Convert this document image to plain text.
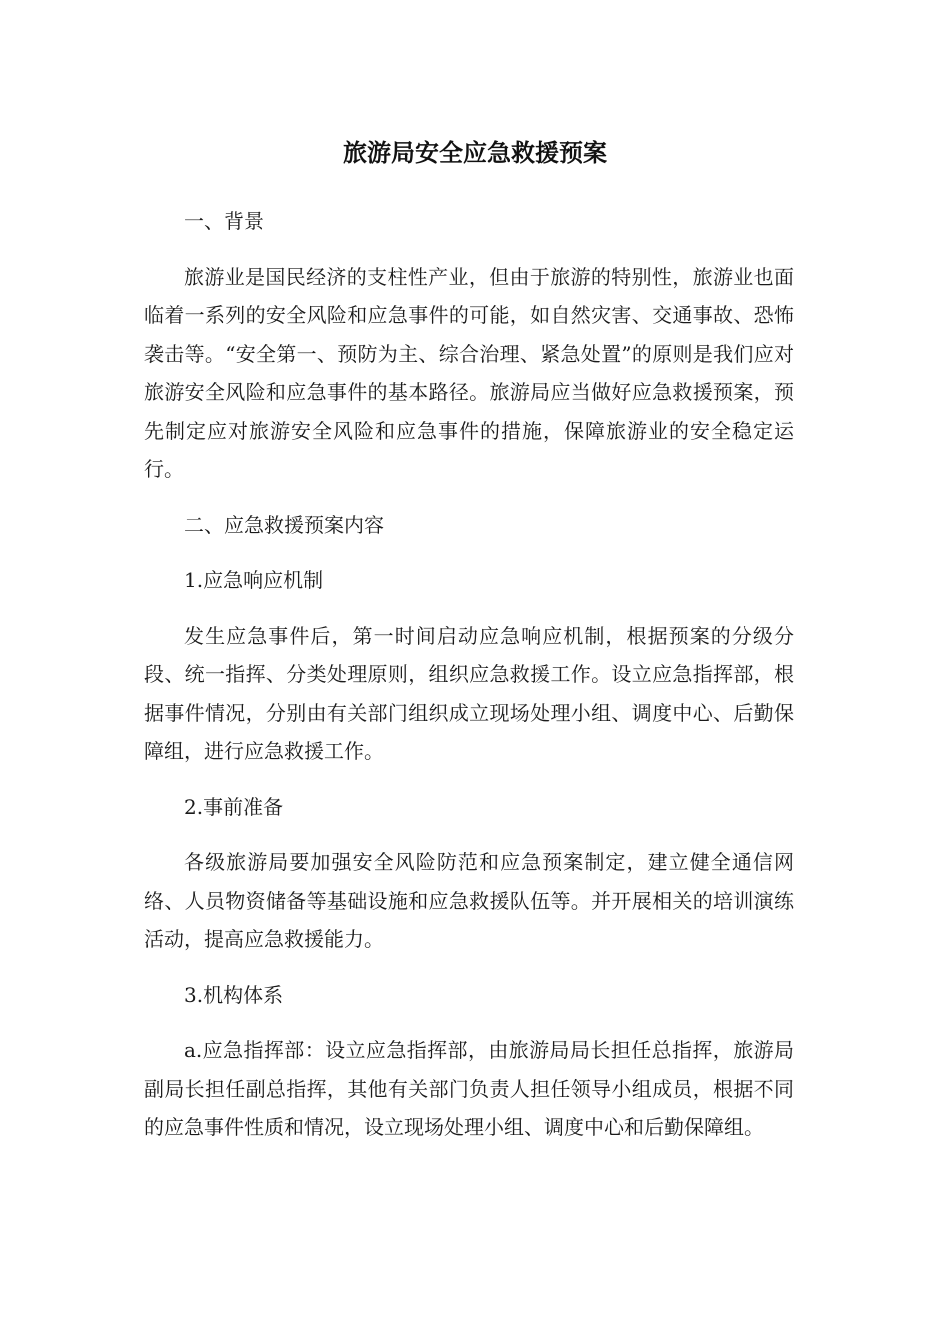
旅游局安全应急救援预案

一、背景

旅游业是国民经济的支柱性产业，但由于旅游的特别性，旅游业也面临着一系列的安全风险和应急事件的可能，如自然灾害、交通事故、恐怖袭击等。“安全第一、预防为主、综合治理、紧急处置”的原则是我们应对旅游安全风险和应急事件的基本路径。旅游局应当做好应急救援预案，预先制定应对旅游安全风险和应急事件的措施，保障旅游业的安全稳定运行。

二、应急救援预案内容

1.应急响应机制

发生应急事件后，第一时间启动应急响应机制，根据预案的分级分段、统一指挥、分类处理原则，组织应急救援工作。设立应急指挥部，根据事件情况，分别由有关部门组织成立现场处理小组、调度中心、后勤保障组，进行应急救援工作。

2.事前准备

各级旅游局要加强安全风险防范和应急预案制定，建立健全通信网络、人员物资储备等基础设施和应急救援队伍等。并开展相关的培训演练活动，提高应急救援能力。

3.机构体系

a.应急指挥部：设立应急指挥部，由旅游局局长担任总指挥，旅游局副局长担任副总指挥，其他有关部门负责人担任领导小组成员，根据不同的应急事件性质和情况，设立现场处理小组、调度中心和后勤保障组。
